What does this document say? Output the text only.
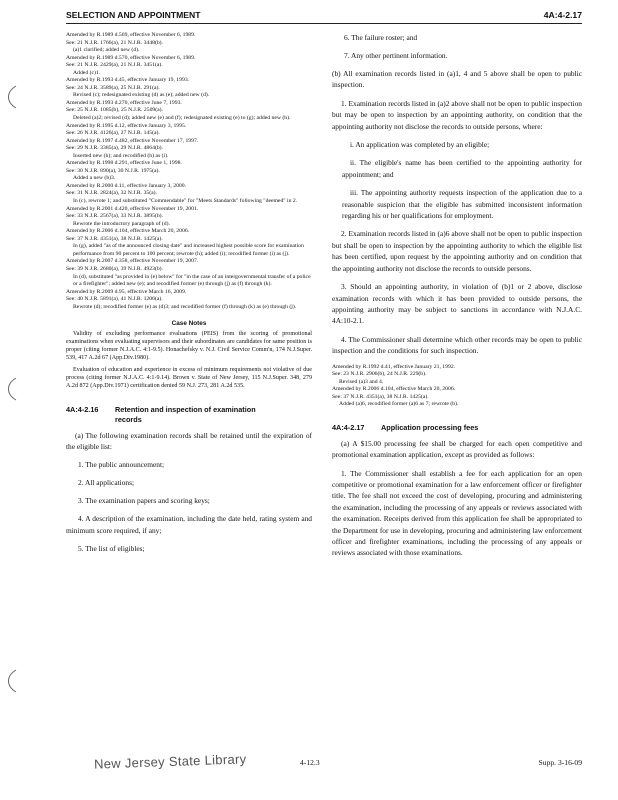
SELECTION AND APPOINTMENT	4A:4-2.17
Amended by R.1989 d.569, effective November 6, 1989.
See: 21 N.J.R. 1766(a), 21 N.J.R. 3448(b).
(a)1 clarified; added new (d).
Amended by R.1989 d.570, effective November 6, 1989.
See: 21 N.J.R. 2429(a), 21 N.J.R. 3451(a).
Added (c)1.
Amended by R.1993 d.45, effective January 19, 1993.
See: 24 N.J.R. 3589(a), 25 N.J.R. 291(a).
Revised (c); redesignated existing (d) as (e); added new (d).
Amended by R.1993 d.270, effective June 7, 1993.
See: 25 N.J.R. 1085(b), 25 N.J.R. 2509(a).
Deleted (a)2; revised (d); added new (e) and (f); redesignated existing (e) to (g); added new (h).
Amended by R.1995 d.12, effective January 3, 1995.
See: 26 N.J.R. 4126(a), 27 N.J.R. 145(a).
Amended by R.1997 d.482, effective November 17, 1997.
See: 29 N.J.R. 3385(a), 29 N.J.R. 4864(b).
Inserted new (h); and recodified (h) as (i).
Amended by R.1998 d.291, effective June 1, 1998.
See: 30 N.J.R. 890(a), 30 N.J.R. 1975(a).
Added a new (b)3.
Amended by R.2000 d.11, effective January 3, 2000.
See: 31 N.J.R. 2824(a), 32 N.J.R. 35(a).
In (c), rewrote 1; and substituted "Commendable" for "Meets Standards" following "deemed" in 2.
Amended by R.2001 d.420, effective November 19, 2001.
See: 33 N.J.R. 2567(a), 33 N.J.R. 3895(b).
Rewrote the introductory paragraph of (d).
Amended by R.2006 d.104, effective March 20, 2006.
See: 37 N.J.R. 4351(a), 38 N.J.R. 1425(a).
In (g), added "as of the announced closing date" and increased highest possible score for examination performance from 90 percent to 100 percent; rewrote (h); added (i); recodified former (i) as (j).
Amended by R.2007 d.358, effective November 19, 2007.
See: 39 N.J.R. 2680(a), 39 N.J.R. 4923(b).
In (d), substituted "as provided in (e) below" for "in the case of an intergovernmental transfer of a police or a firefighter"; added new (e); and recodified former (e) through (j) as (f) through (k).
Amended by R.2009 d.95, effective March 16, 2009.
See: 40 N.J.R. 5891(a), 41 N.J.R. 1206(a).
Rewrote (d); recodified former (e) as (d)3; and recodified former (f) through (k) as (e) through (j).
Case Notes

Validity of excluding performance evaluations (PEIS) from the scoring of promotional examinations when evaluating supervisors and their subordinates are candidates for same position is proper (citing former N.J.A.C. 4:1-9.5). Honachefsky v. N.J. Civil Service Comm'n, 174 N.J.Super. 539, 417 A.2d 67 (App.Div.1980).

Evaluation of education and experience in excess of minimum requirements not violative of due process (citing former N.J.A.C. 4:1-9.14). Brown v. State of New Jersey, 115 N.J.Super. 348, 279 A.2d 872 (App.Div.1971) certification denied 59 N.J. 273, 281 A.2d 535.

4A:4-2.16 Retention and inspection of examination
records

(a) The following examination records shall be retained until the expiration of the eligible list:

1. The public announcement;

2. All applications;

3. The examination papers and scoring keys;

4. A description of the examination, including the date held, rating system and minimum score required, if any;

5. The list of eligibles;

6. The failure roster; and

7. Any other pertinent information.

(b) All examination records listed in (a)1, 4 and 5 above shall be open to public inspection.

1. Examination records listed in (a)2 above shall not be open to public inspection but may be open to inspection by an appointing authority, on condition that the appointing authority not disclose the records to outside persons, where:

i. An application was completed by an eligible;

ii. The eligible's name has been certified to the appointing authority for appointment; and

iii. The appointing authority requests inspection of the application due to a reasonable suspicion that the eligible has submitted inconsistent information regarding his or her qualifications for employment.

2. Examination records listed in (a)6 above shall not be open to public inspection but shall be open to inspection by the appointing authority to which the eligible list has been certified, upon request by the appointing authority and on condition that the appointing authority not disclose the records to outside persons.

3. Should an appointing authority, in violation of (b)1 or 2 above, disclose examination records with which it has been provided to outside persons, the appointing authority may be subject to sanctions in accordance with N.J.A.C. 4A:10-2.1.

4. The Commissioner shall determine which other records may be open to public inspection and the conditions for such inspection.

Amended by R.1992 d.41, effective January 21, 1992.
See: 23 N.J.R. 2906(b), 24 N.J.R. 229(b).
Revised (a)3 and 4.
Amended by R.2006 d.104, effective March 20, 2006.
See: 37 N.J.R. 4351(a), 38 N.J.R. 1425(a).
Added (a)6, recodified former (a)6 as 7; rewrote (b).
4A:4-2.17 Application processing fees

(a) A $15.00 processing fee shall be charged for each open competitive and promotional examination application, except as provided as follows:

1. The Commissioner shall establish a fee for each application for an open competitive or promotional examination for a law enforcement officer or firefighter title. The fee shall not exceed the cost of developing, procuring and administering the examination, including the processing of any appeals or reviews associated with the examination. Receipts derived from this application fee shall be appropriated to the Department for use in developing, procuring and administering law enforcement officer and firefighter examinations, including the processing of any appeals or reviews associated with those examinations.

New Jersey State Library	4-12.3	Supp. 3-16-09
